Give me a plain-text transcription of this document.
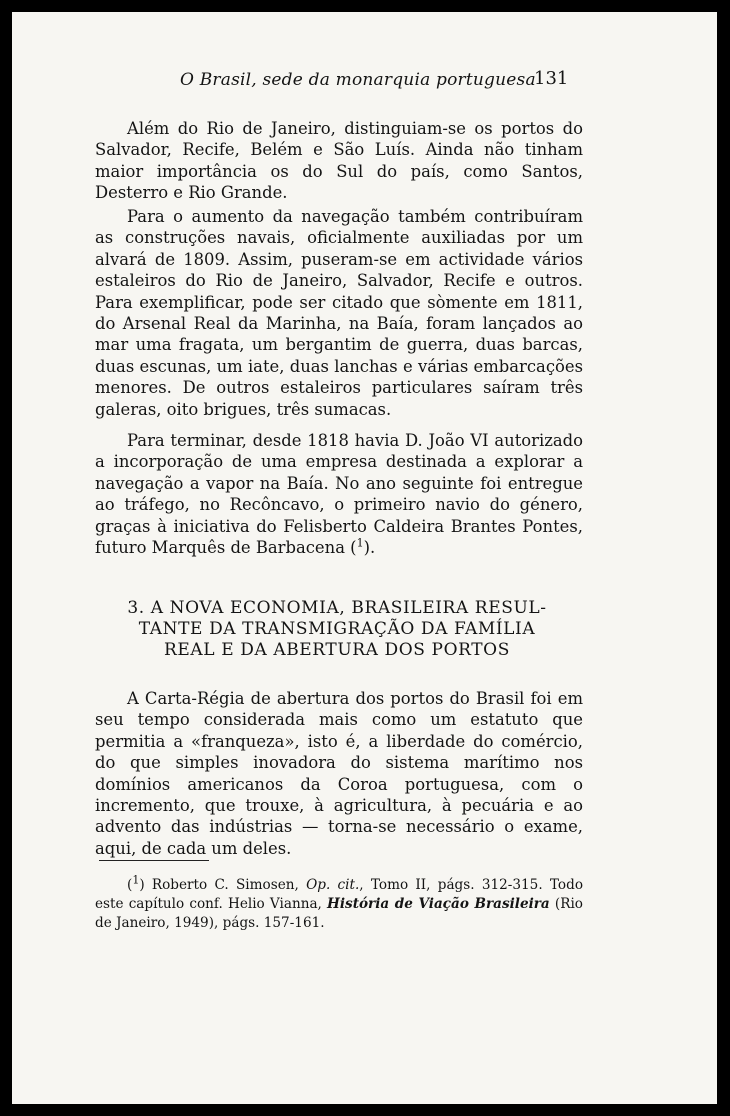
O Brasil, sede da monarquia portuguesa
131

Além do Rio de Janeiro, distinguiam-se os portos do Salvador, Recife, Belém e São Luís. Ainda não tinham maior importância os do Sul do país, como Santos, Desterro e Rio Grande.

Para o aumento da navegação também contribuíram as construções navais, oficialmente auxiliadas por um alvará de 1809. Assim, puseram-se em actividade vários estaleiros do Rio de Janeiro, Salvador, Recife e outros. Para exemplificar, pode ser citado que sòmente em 1811, do Arsenal Real da Marinha, na Baía, foram lançados ao mar uma fragata, um bergantim de guerra, duas barcas, duas escunas, um iate, duas lanchas e várias embarcações menores. De outros estaleiros particulares saíram três galeras, oito brigues, três sumacas.

Para terminar, desde 1818 havia D. João VI autorizado a incorporação de uma empresa destinada a explorar a navegação a vapor na Baía. No ano seguinte foi entregue ao tráfego, no Recôncavo, o primeiro navio do género, graças à iniciativa do Felisberto Caldeira Brantes Pontes, futuro Marquês de Barbacena ($^1$).

3. A NOVA ECONOMIA, BRASILEIRA RESUL-
TANTE DA TRANSMIGRAÇÃO DA FAMÍLIA
REAL E DA ABERTURA DOS PORTOS

A Carta-Régia de abertura dos portos do Brasil foi em seu tempo considerada mais como um estatuto que permitia a «franqueza», isto é, a liberdade do comércio, do que simples inovadora do sistema marítimo nos domínios americanos da Coroa portuguesa, com o incremento, que trouxe, à agricultura, à pecuária e ao advento das indústrias — torna-se necessário o exame, aqui, de cada um deles.

($^1$) Roberto C. Simosen, Op. cit., Tomo II, págs. 312-315. Todo este capítulo conf. Helio Vianna, História de Viação Brasileira (Rio de Janeiro, 1949), págs. 157-161.
